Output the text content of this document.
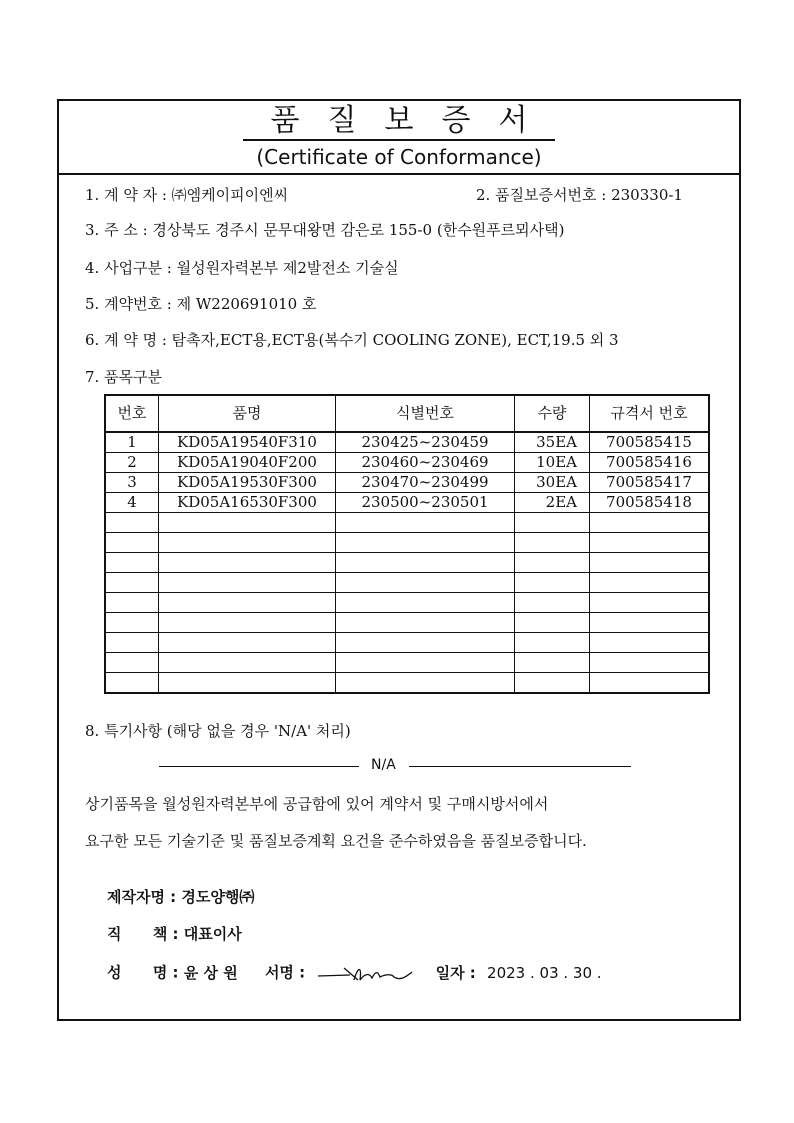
품질보증서
(Certificate of Conformance)
1. 계 약 자 : ㈜엠케이피이엔씨	2. 품질보증서번호 : 230330-1
3. 주 소 : 경상북도 경주시 문무대왕면 감은로 155-0 (한수원푸르뫼사택)
4. 사업구분 : 월성원자력본부 제2발전소 기술실
5. 계약번호 : 제 W220691010 호
6. 계 약 명 : 탐촉자,ECT용,ECT용(복수기 COOLING ZONE), ECT,19.5 외 3
7. 품목구분
번호	품명	식별번호	수량	규격서 번호
1	KD05A19540F310	230425~230459	35EA	700585415
2	KD05A19040F200	230460~230469	10EA	700585416
3	KD05A19530F300	230470~230499	30EA	700585417
4	KD05A16530F300	230500~230501	2EA	700585418

8. 특기사항 (해당 없을 경우 'N/A' 처리)
N/A
상기품목을 월성원자력본부에 공급함에 있어 계약서 및 구매시방서에서
요구한 모든 기술기준 및 품질보증계획 요건을 준수하였음을 품질보증합니다.
제작자명 : 경도양행㈜
직      책 : 대표이사
성      명 : 윤 상 원 서명 :	일자 : 2023 . 03 . 30 .
